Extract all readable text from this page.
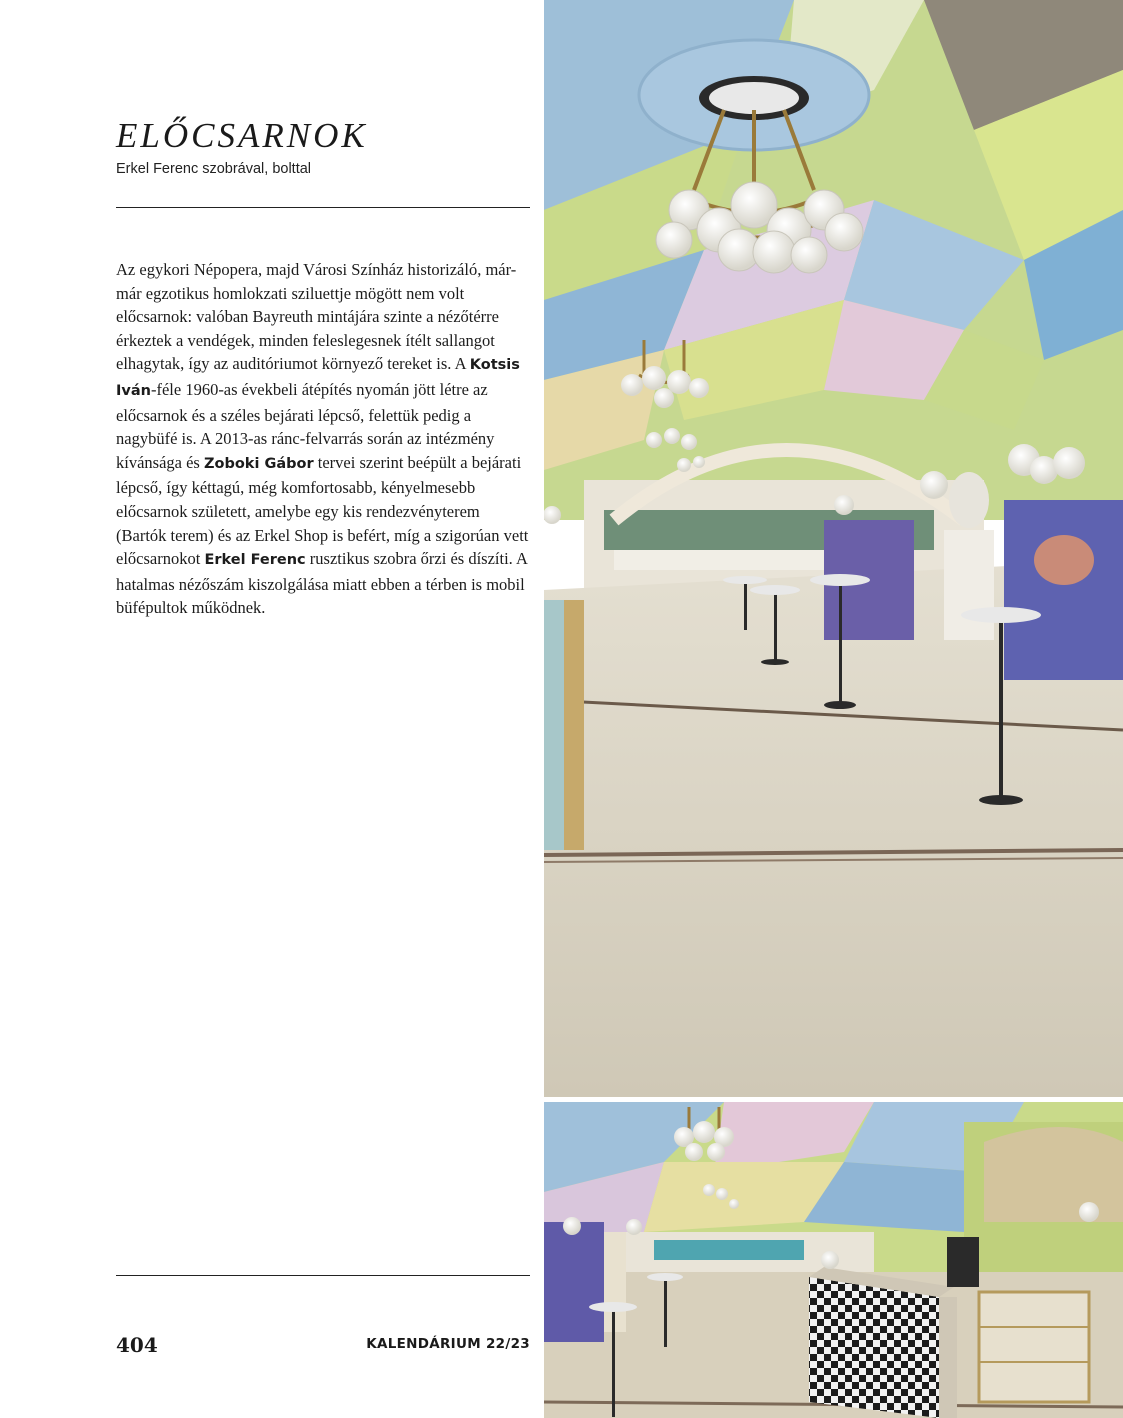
ELŐCSARNOK
Erkel Ferenc szobrával, bolttal

Az egykori Népopera, majd Városi Színház historizáló, már-már egzotikus homlokzati sziluettje mögött nem volt előcsarnok: valóban Bayreuth mintájára szinte a nézőtérre érkeztek a vendégek, minden feleslegesnek ítélt sallangot elhagytak, így az auditóriumot környező tereket is. A Kotsis Iván-féle 1960-as évekbeli átépítés nyomán jött létre az előcsarnok és a széles bejárati lépcső, felettük pedig a nagybüfé is. A 2013-as ránc-felvarrás során az intézmény kívánsága és Zoboki Gábor tervei szerint beépült a bejárati lépcső, így kéttagú, még komfortosabb, kényelmesebb előcsarnok született, amelybe egy kis rendezvényterem (Bartók terem) és az Erkel Shop is befért, míg a szigorúan vett előcsarnokot Erkel Ferenc rusztikus szobra őrzi és díszíti. A hatalmas nézőszám kiszolgálása miatt ebben a térben is mobil büfépultok működnek.

404	KALENDÁRIUM 22/23
